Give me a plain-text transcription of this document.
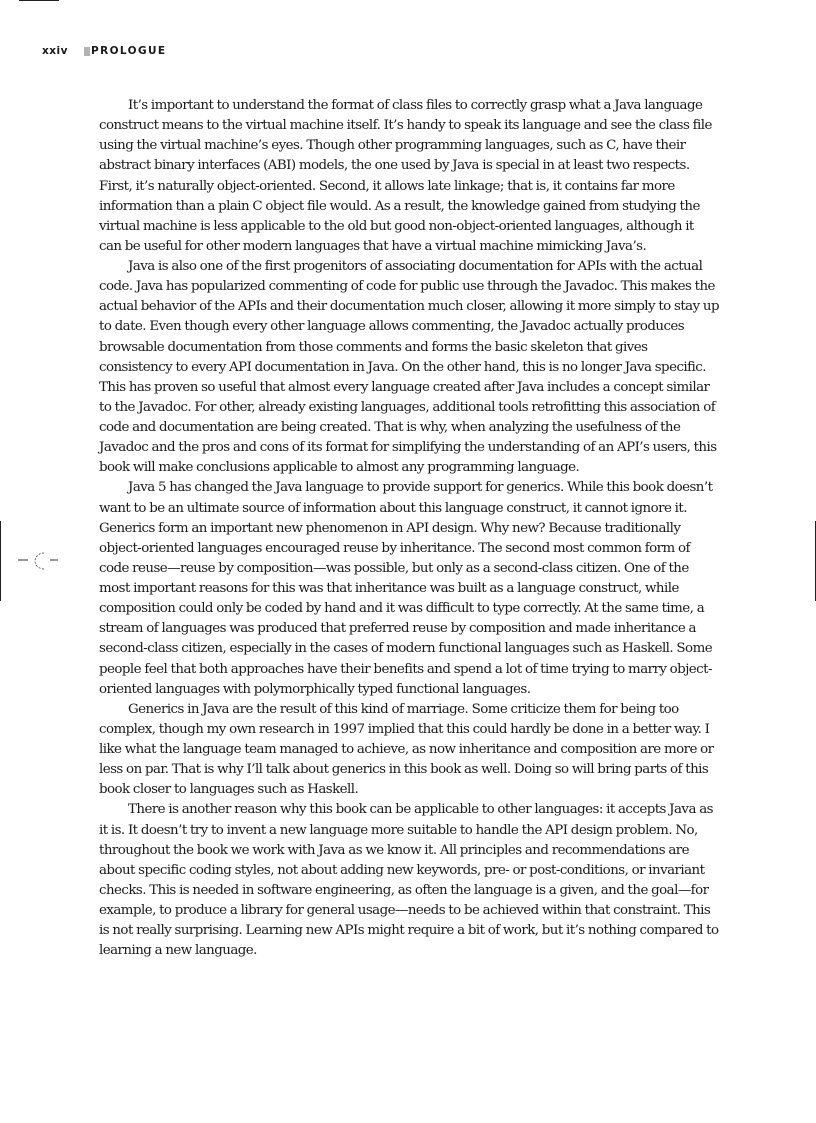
xxiv PROLOGUE

It’s important to understand the format of class files to correctly grasp what a Java language construct means to the virtual machine itself. It’s handy to speak its language and see the class file using the virtual machine’s eyes. Though other programming languages, such as C, have their abstract binary interfaces (ABI) models, the one used by Java is special in at least two respects. First, it’s naturally object-oriented. Second, it allows late linkage; that is, it contains far more information than a plain C object file would. As a result, the knowledge gained from studying the virtual machine is less applicable to the old but good non-object-oriented languages, although it can be useful for other modern languages that have a virtual machine mimicking Java’s.

Java is also one of the first progenitors of associating documentation for APIs with the actual code. Java has popularized commenting of code for public use through the Javadoc. This makes the actual behavior of the APIs and their documentation much closer, allowing it more simply to stay up to date. Even though every other language allows commenting, the Javadoc actually produces browsable documentation from those comments and forms the basic skeleton that gives consistency to every API documentation in Java. On the other hand, this is no longer Java specific. This has proven so useful that almost every language created after Java includes a concept similar to the Javadoc. For other, already existing languages, additional tools retrofitting this association of code and documentation are being created. That is why, when analyzing the usefulness of the Javadoc and the pros and cons of its format for simplifying the understanding of an API’s users, this book will make conclusions applicable to almost any programming language.

Java 5 has changed the Java language to provide support for generics. While this book doesn’t want to be an ultimate source of information about this language construct, it cannot ignore it. Generics form an important new phenomenon in API design. Why new? Because traditionally object-oriented languages encouraged reuse by inheritance. The second most common form of code reuse—reuse by composition—was possible, but only as a second-class citizen. One of the most important reasons for this was that inheritance was built as a language construct, while composition could only be coded by hand and it was difficult to type correctly. At the same time, a stream of languages was produced that preferred reuse by composition and made inheritance a second-class citizen, especially in the cases of modern functional languages such as Haskell. Some people feel that both approaches have their benefits and spend a lot of time trying to marry object-oriented languages with polymorphically typed functional languages.

Generics in Java are the result of this kind of marriage. Some criticize them for being too complex, though my own research in 1997 implied that this could hardly be done in a better way. I like what the language team managed to achieve, as now inheritance and composition are more or less on par. That is why I’ll talk about generics in this book as well. Doing so will bring parts of this book closer to languages such as Haskell.

There is another reason why this book can be applicable to other languages: it accepts Java as it is. It doesn’t try to invent a new language more suitable to handle the API design problem. No, throughout the book we work with Java as we know it. All principles and recommendations are about specific coding styles, not about adding new keywords, pre- or post-conditions, or invariant checks. This is needed in software engineering, as often the language is a given, and the goal—for example, to produce a library for general usage—needs to be achieved within that constraint. This is not really surprising. Learning new APIs might require a bit of work, but it’s nothing compared to learning a new language.
